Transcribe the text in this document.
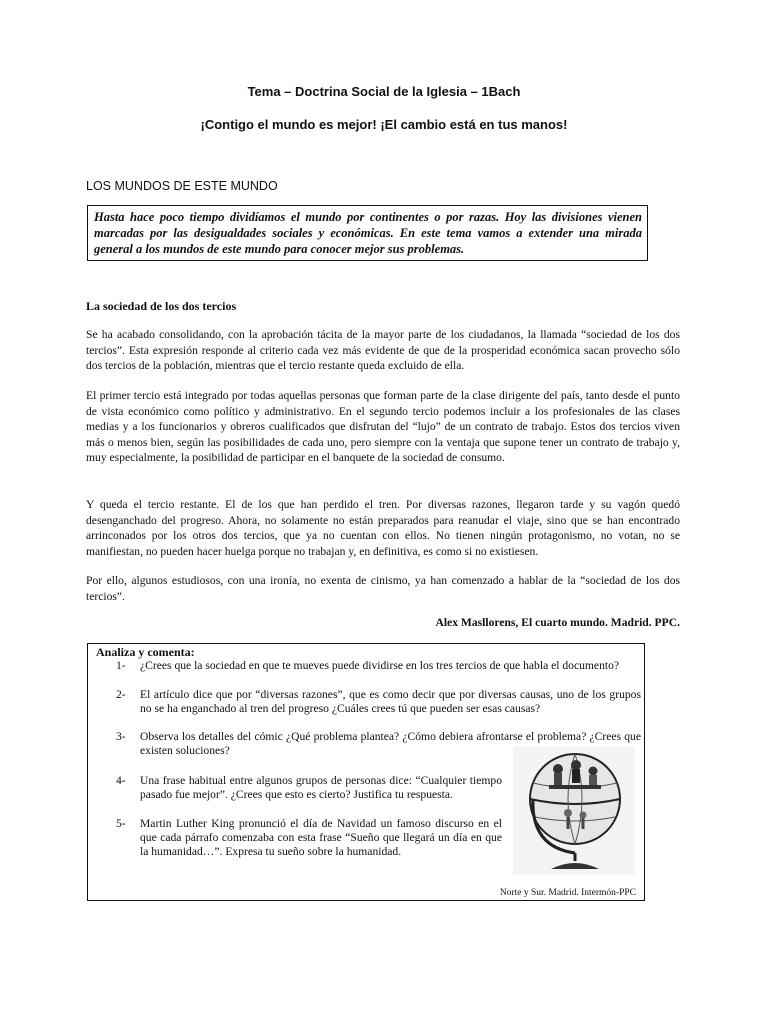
Tema – Doctrina Social de la Iglesia – 1Bach
¡Contigo el mundo es mejor! ¡El cambio está en tus manos!
LOS MUNDOS DE ESTE MUNDO
Hasta hace poco tiempo dividíamos el mundo por continentes o por razas. Hoy las divisiones vienen marcadas por las desigualdades sociales y económicas. En este tema vamos a extender una mirada general a los mundos de este mundo para conocer mejor sus problemas.
La sociedad de los dos tercios

Se ha acabado consolidando, con la aprobación tácita de la mayor parte de los ciudadanos, la llamada “sociedad de los dos tercios”. Esta expresión responde al criterio cada vez más evidente de que de la prosperidad económica sacan provecho sólo dos tercios de la población, mientras que el tercio restante queda excluido de ella.

El primer tercio está integrado por todas aquellas personas que forman parte de la clase dirigente del país, tanto desde el punto de vista económico como político y administrativo. En el segundo tercio podemos incluir a los profesionales de las clases medias y a los funcionarios y obreros cualificados que disfrutan del “lujo” de un contrato de trabajo. Estos dos tercios viven más o menos bien, según las posibilidades de cada uno, pero siempre con la ventaja que supone tener un contrato de trabajo y, muy especialmente, la posibilidad de participar en el banquete de la sociedad de consumo.

Y queda el tercio restante. El de los que han perdido el tren. Por diversas razones, llegaron tarde y su vagón quedó desenganchado del progreso. Ahora, no solamente no están preparados para reanudar el viaje, sino que se han encontrado arrinconados por los otros dos tercios, que ya no cuentan con ellos. No tienen ningún protagonismo, no votan, no se manifiestan, no pueden hacer huelga porque no trabajan y, en definitiva, es como si no existiesen.

Por ello, algunos estudiosos, con una ironía, no exenta de cinismo, ya han comenzado a hablar de la “sociedad de los dos tercios”.

Alex Masllorens, El cuarto mundo. Madrid. PPC.
Analiza y comenta:
1-	¿Crees que la sociedad en que te mueves puede dividirse en los tres tercios de que habla el documento?
2-	El artículo dice que por “diversas razones”, que es como decir que por diversas causas, uno de los grupos no se ha enganchado al tren del progreso ¿Cuáles crees tú que pueden ser esas causas?
3-	Observa los detalles del cómic ¿Qué problema plantea? ¿Cómo debiera afrontarse el problema? ¿Crees que existen soluciones?
4-	Una frase habitual entre algunos grupos de personas dice: “Cualquier tiempo pasado fue mejor”. ¿Crees que esto es cierto? Justifica tu respuesta.
5-	Martin Luther King pronunció el día de Navidad un famoso discurso en el que cada párrafo comenzaba con esta frase “Sueño que llegará un día en que la humanidad…”. Expresa tu sueño sobre la humanidad.
Norte y Sur. Madrid. Intermón-PPC
